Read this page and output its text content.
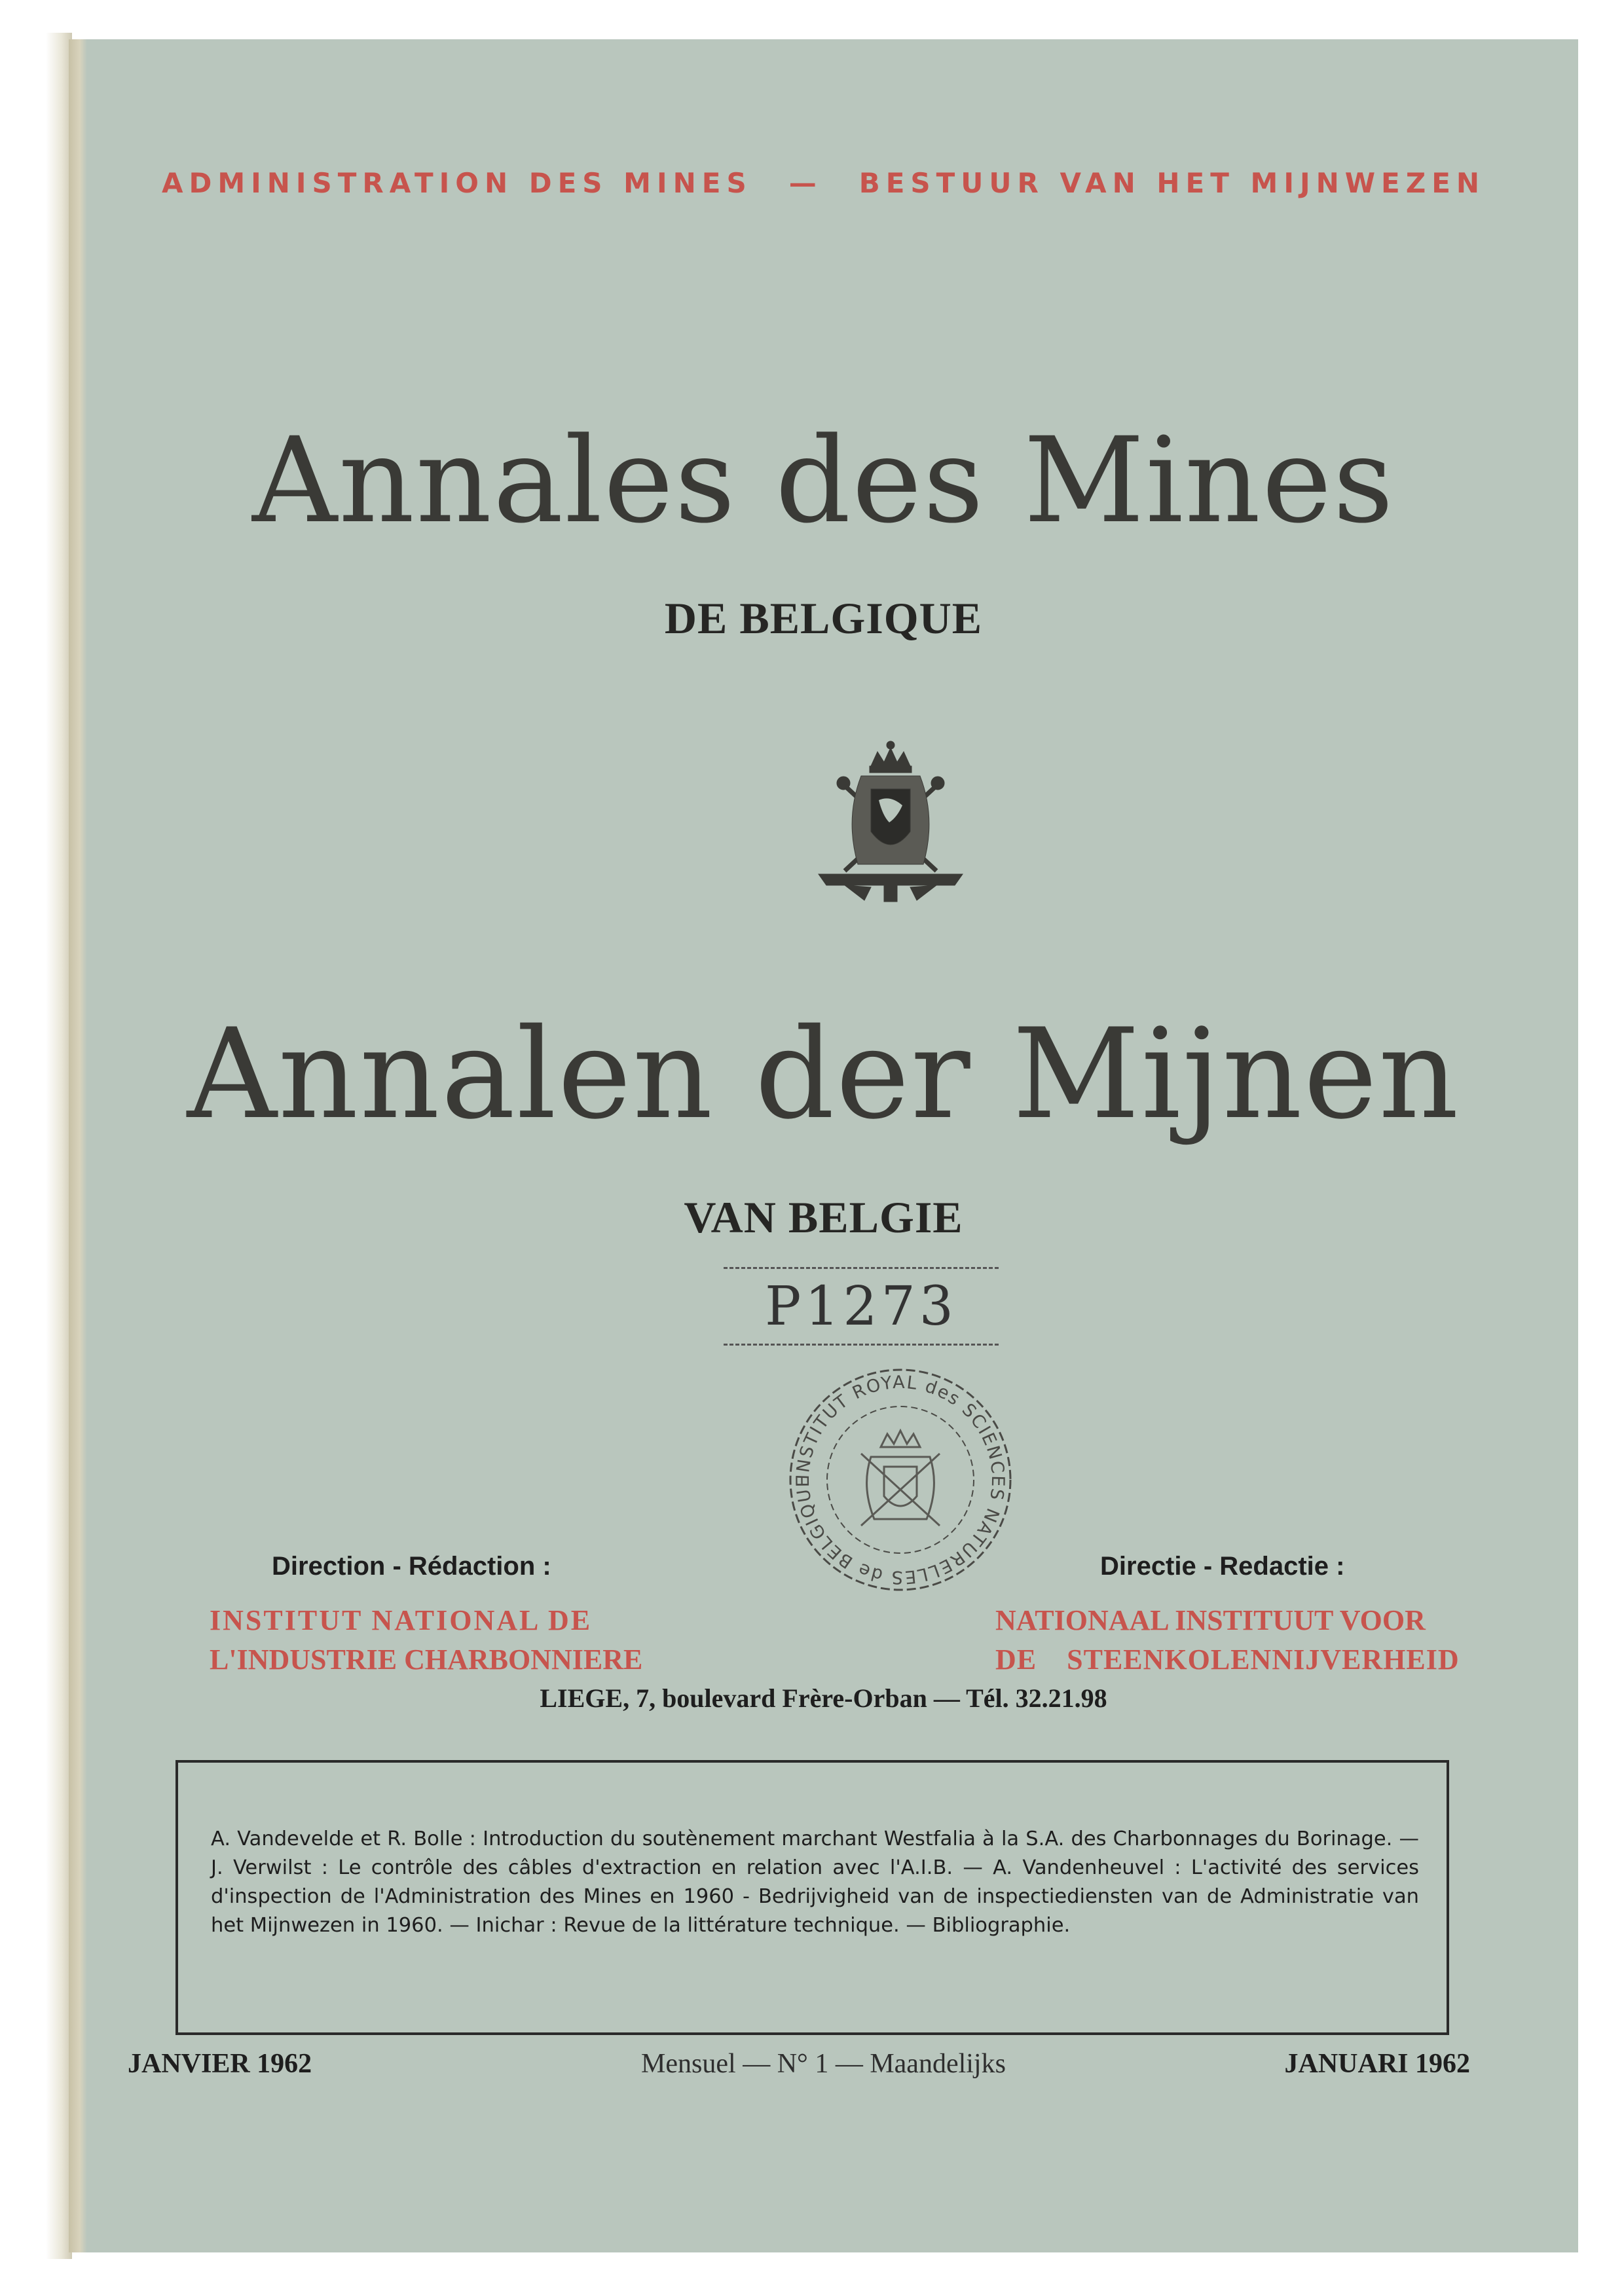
ADMINISTRATION DES MINES — BESTUUR VAN HET MIJNWEZEN
Annales des Mines
DE BELGIQUE
Annalen der Mijnen
VAN BELGIE
P1273
INSTITUT ROYAL des SCIENCES NATURELLES de BELGIQUE
Direction - Rédaction :	Directie - Redactie :
INSTITUT NATIONAL DE
L'INDUSTRIE CHARBONNIERE
NATIONAAL INSTITUUT VOOR
DE STEENKOLENNIJVERHEID
LIEGE, 7, boulevard Frère-Orban — Tél. 32.21.98
A. Vandevelde et R. Bolle : Introduction du soutènement marchant Westfalia à la S.A. des Charbonnages du Borinage. — J. Verwilst : Le contrôle des câbles d'extraction en relation avec l'A.I.B. — A. Vandenheuvel : L'activité des services d'inspection de l'Administration des Mines en 1960 - Bedrijvigheid van de inspectiediensten van de Administratie van het Mijnwezen in 1960. — Inichar : Revue de la littérature technique. — Bibliographie.
JANVIER 1962	Mensuel — N° 1 — Maandelijks	JANUARI 1962
